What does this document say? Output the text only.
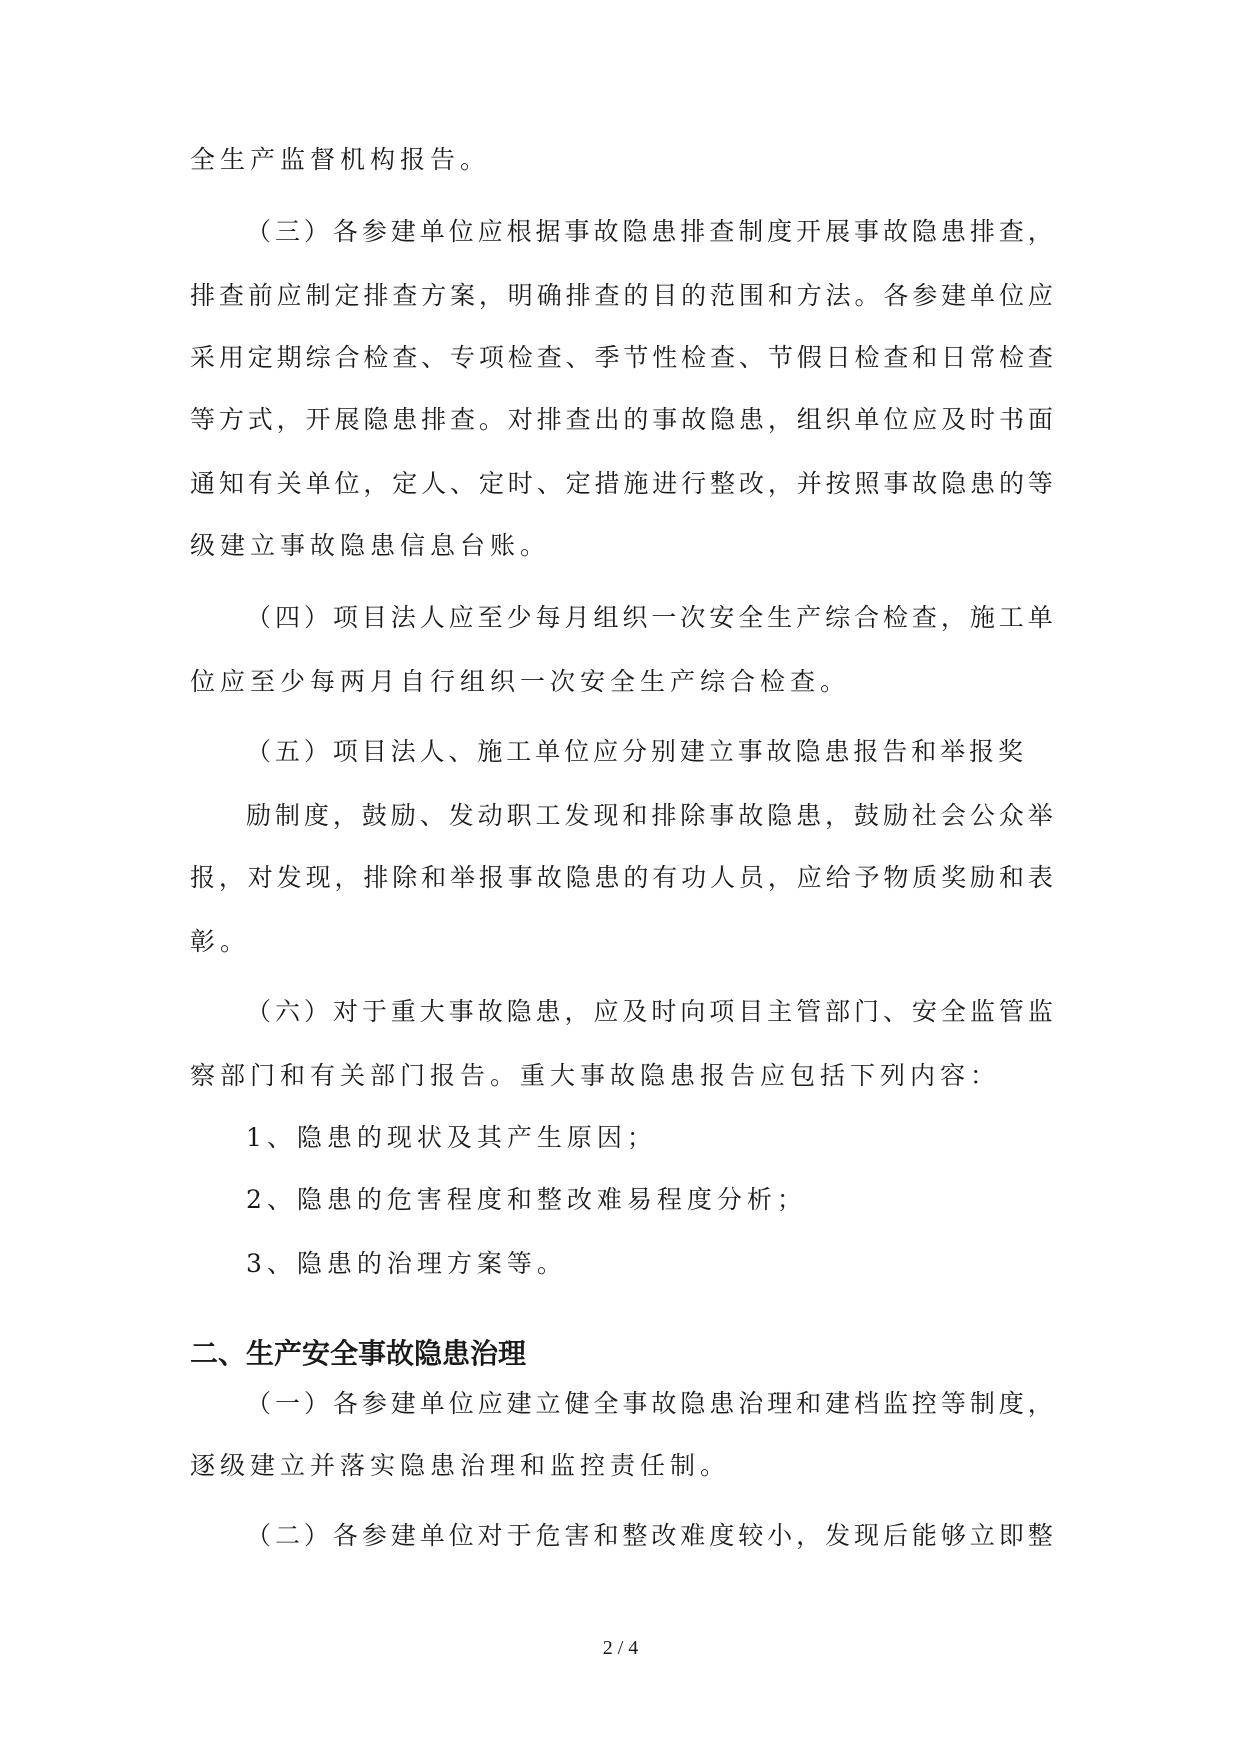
二、生产安全事故隐患治理
2 / 4
全生产监督机构报告。
（ 三 ） 各 参 建 单 位 应 根 据 事 故 隐 患 排 查 制 度 开 展 事 故 隐 患 排 查 ，
排 查 前 应 制 定 排 查 方 案 ， 明 确 排 查 的 目 的 范 围 和 方 法 。 各 参 建 单 位 应
采 用 定 期 综 合 检 查 、 专 项 检 查 、 季 节 性 检 查 、 节 假 日 检 查 和 日 常 检 查
等 方 式 ， 开 展 隐 患 排 查 。 对 排 查 出 的 事 故 隐 患 ， 组 织 单 位 应 及 时 书 面
通 知 有 关 单 位 ， 定 人 、 定 时 、 定 措 施 进 行 整 改 ， 并 按 照 事 故 隐 患 的 等
级建立事故隐患信息台账。
（ 四 ） 项 目 法 人 应 至 少 每 月 组 织 一 次 安 全 生 产 综 合 检 查 ， 施 工 单
位应至少每两月自行组织一次安全生产综合检查。
（ 五 ） 项 目 法 人 、 施 工 单 位 应 分 别 建 立 事 故 隐 患 报 告 和 举 报 奖
励 制 度 ， 鼓 励 、 发 动 职 工 发 现 和 排 除 事 故 隐 患 ， 鼓 励 社 会 公 众 举
报 ， 对 发 现 ， 排 除 和 举 报 事 故 隐 患 的 有 功 人 员 ， 应 给 予 物 质 奖 励 和 表
彰。
（ 六 ） 对 于 重 大 事 故 隐 患 ， 应 及 时 向 项 目 主 管 部 门 、 安 全 监 管 监
察部门和有关部门报告。重大事故隐患报告应包括下列内容：
1、隐患的现状及其产生原因；
2、隐患的危害程度和整改难易程度分析；
3、隐患的治理方案等。
（ 一 ） 各 参 建 单 位 应 建 立 健 全 事 故 隐 患 治 理 和 建 档 监 控 等 制 度 ，
逐级建立并落实隐患治理和监控责任制。
（ 二 ） 各 参 建 单 位 对 于 危 害 和 整 改 难 度 较 小 ， 发 现 后 能 够 立 即 整
